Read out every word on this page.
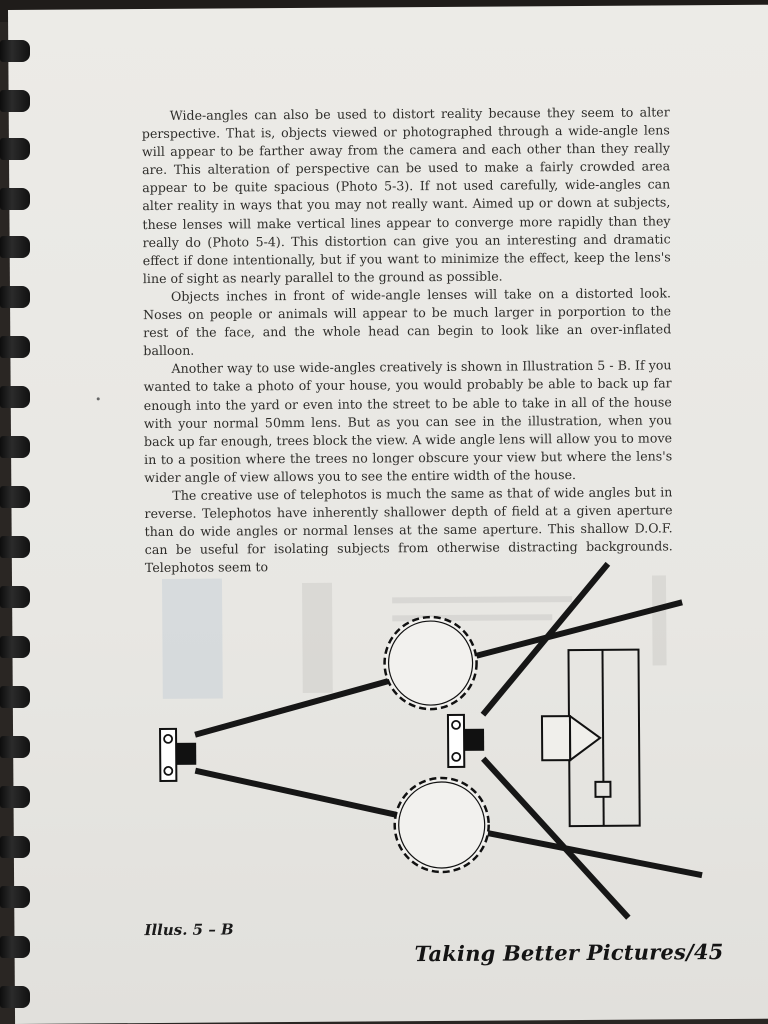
Wide-angles can also be used to distort reality because they seem to alter perspective. That is, objects viewed or photographed through a wide-angle lens will appear to be farther away from the camera and each other than they really are. This alteration of perspective can be used to make a fairly crowded area appear to be quite spacious (Photo 5-3). If not used carefully, wide-angles can alter reality in ways that you may not really want. Aimed up or down at subjects, these lenses will make vertical lines appear to converge more rapidly than they really do (Photo 5-4). This distortion can give you an interesting and dramatic effect if done intentionally, but if you want to minimize the effect, keep the lens's line of sight as nearly parallel to the ground as possible.

Objects inches in front of wide-angle lenses will take on a distorted look. Noses on people or animals will appear to be much larger in porportion to the rest of the face, and the whole head can begin to look like an over-inflated balloon.

Another way to use wide-angles creatively is shown in Illustration 5 - B. If you wanted to take a photo of your house, you would probably be able to back up far enough into the yard or even into the street to be able to take in all of the house with your normal 50mm lens. But as you can see in the illustration, when you back up far enough, trees block the view. A wide angle lens will allow you to move in to a position where the trees no longer obscure your view but where the lens's wider angle of view allows you to see the entire width of the house.

The creative use of telephotos is much the same as that of wide angles but in reverse. Telephotos have inherently shallower depth of field at a given aperture than do wide angles or normal lenses at the same aperture. This shallow D.O.F. can be useful for isolating subjects from otherwise distracting backgrounds. Telephotos seem to

Illus. 5 – B
Taking Better Pictures/45
